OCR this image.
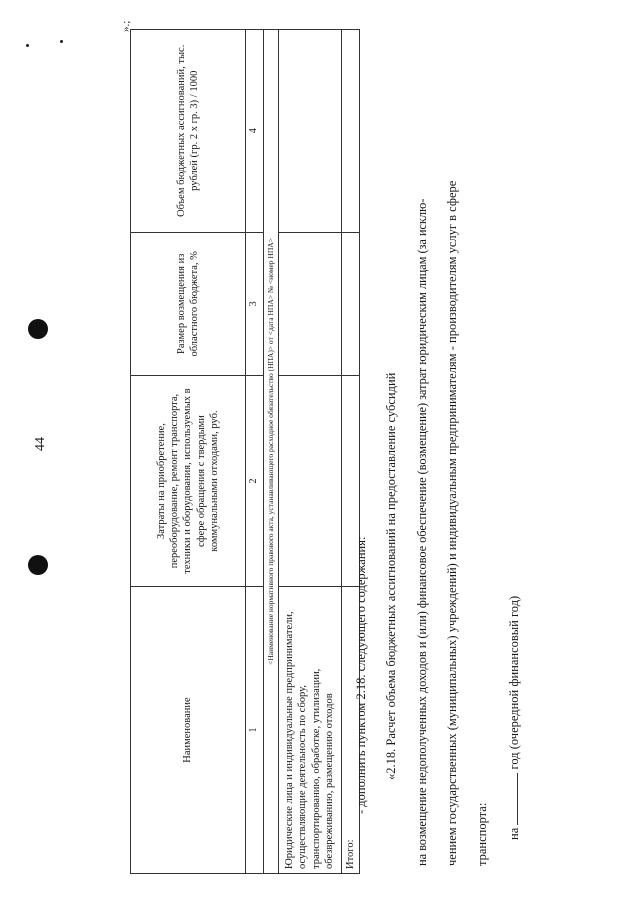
44
».;
Наименование	Затраты на приобретение, переоборудование, ремонт транспорта, техники и оборудования, используемых в сфере обращения с твердыми коммунальными отходами, руб.	Размер возмещения из областного бюджета, %	Объем бюджетных ассигнований, тыс. рублей (гр. 2 x гр. 3) / 1000
1	2	3	4
<Наименование нормативного правового акта, устанавливающего расходное обязательство (НПА)> от <дата НПА> № <номер НПА>			
Юридические лица и индивидуальные предприниматели, осуществляющие деятельность по сбору, транспортированию, обработке, утилизации, обезвреживанию, размещению отходов			
Итого:			
- дополнить пунктом 2.18. следующего содержания: «2.18. Расчет объема бюджетных ассигнований на предоставление субсидий на возмещение недополученных доходов и (или) финансовое обеспечение (возмещение) затрат юридическим лицам (за исклю- чением государственных (муниципальных) учреждений) и индивидуальным предпринимателям - производителям услуг в сфере транспорта: на  год (очередной финансовый год)
